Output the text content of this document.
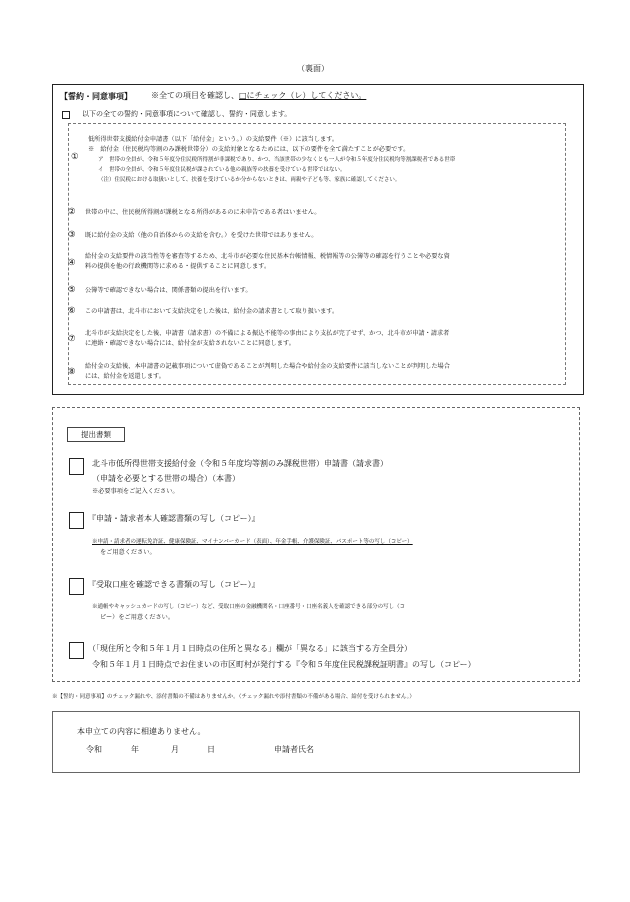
（裏面）
【誓約・同意事項】 ※全ての項目を確認し、□にチェック（レ）してください。
以下の全ての誓約・同意事項について確認し、誓約・同意します。
①
低所得世帯支援給付金申請書（以下「給付金」という。）の支給要件（※）に該当します。
※　給付金（住民税均等割のみ課税世帯分）の支給対象となるためには、以下の要件を全て満たすことが必要です。
ア　世帯の全員が、令和５年度分住民税所得割が非課税であり、かつ、当該世帯の少なくとも一人が令和５年度分住民税均等割課税者である世帯
イ　世帯の全員が、令和５年度住民税が課されている他の親族等の扶養を受けている世帯ではない。
（注）住民税における取扱いとして、扶養を受けているか分からないときは、両親や子ども等、家族に確認してください。
② 世帯の中に、住民税所得割が課税となる所得があるのに未申告である者はいません。
③ 既に給付金の支給（他の自治体からの支給を含む。）を受けた世帯ではありません。
④
給付金の支給要件の該当性等を審査等するため、北斗市が必要な住民基本台帳情報、税情報等の公簿等の確認を行うことや必要な資
料の提供を他の行政機関等に求める・提供することに同意します。
⑤ 公簿等で確認できない場合は、関係書類の提出を行います。
⑥ この申請書は、北斗市において支給決定をした後は、給付金の請求書として取り扱います。
⑦
北斗市が支給決定をした後、申請書（請求書）の不備による振込不能等の事由により支払が完了せず、かつ、北斗市が申請・請求者
に連絡・確認できない場合には、給付金が支給されないことに同意します。
⑧
給付金の支給後、本申請書の記載事項について虚偽であることが判明した場合や給付金の支給要件に該当しないことが判明した場合
には、給付金を返還します。
提出書類
北斗市低所得世帯支援給付金（令和５年度均等割のみ課税世帯）申請書（請求書）
（申請を必要とする世帯の場合）（本書）
※必要事項をご記入ください。
『申請・請求者本人確認書類の写し（コピー）』
※申請・請求者の運転免許証、健康保険証、マイナンバーカード（表面）、年金手帳、介護保険証、パスポート等の写し（コピー）
をご用意ください。
『受取口座を確認できる書類の写し（コピー）』
※通帳やキャッシュカードの写し（コピー）など、受取口座の金融機関名・口座番号・口座名義人を確認できる部分の写し（コ
ピー）をご用意ください。
（「現住所と令和５年１月１日時点の住所と異なる」欄が「異なる」に該当する方全員分）
令和５年１月１日時点でお住まいの市区町村が発行する『令和５年度住民税課税証明書』の写し（コピー）
※【誓約・同意事項】のチェック漏れや、添付書類の不備はありませんか。（チェック漏れや添付書類の不備がある場合、給付を受けられません。）
本申立ての内容に相違ありません。
令和	年	月	日	申請者氏名
